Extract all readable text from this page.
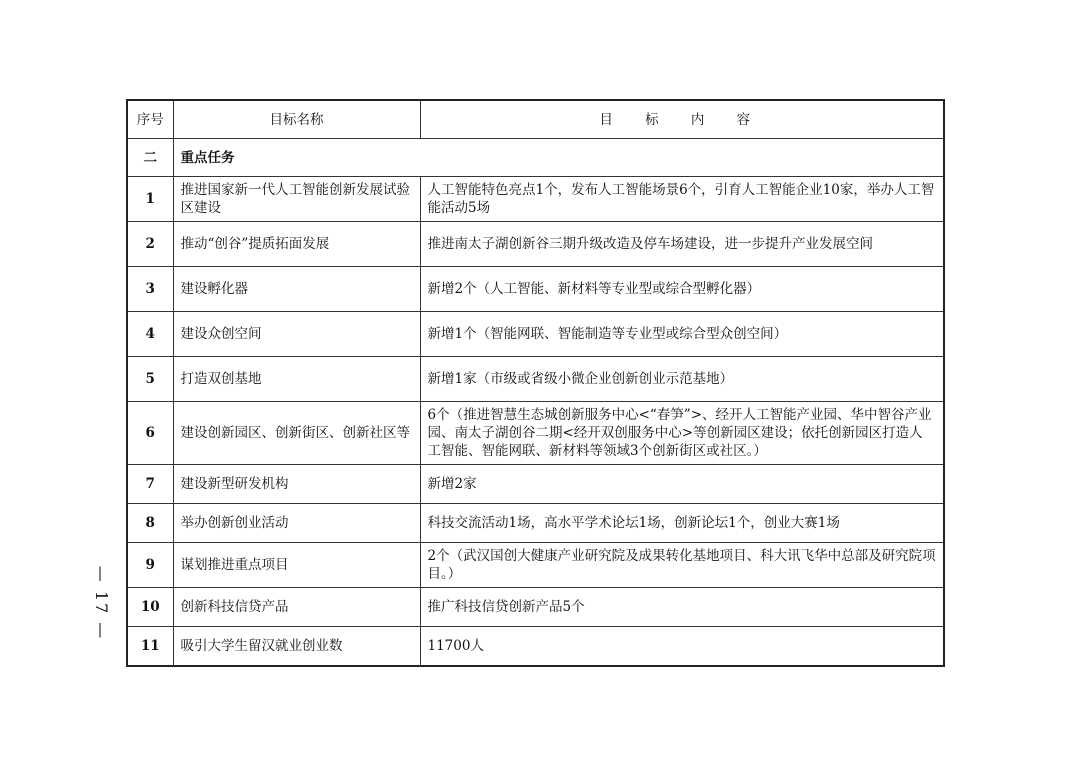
— 17 —
序号	目标名称	目 标 内 容
二	重点任务	
1	推进国家新一代人工智能创新发展试验区建设	人工智能特色亮点1个，发布人工智能场景6个，引育人工智能企业10家，举办人工智能活动5场
2	推动“创谷”提质拓面发展	推进南太子湖创新谷三期升级改造及停车场建设，进一步提升产业发展空间
3	建设孵化器	新增2个（人工智能、新材料等专业型或综合型孵化器）
4	建设众创空间	新增1个（智能网联、智能制造等专业型或综合型众创空间）
5	打造双创基地	新增1家（市级或省级小微企业创新创业示范基地）
6	建设创新园区、创新街区、创新社区等	6个（推进智慧生态城创新服务中心<“春笋”>、经开人工智能产业园、华中智谷产业园、南太子湖创谷二期<经开双创服务中心>等创新园区建设；依托创新园区打造人工智能、智能网联、新材料等领域3个创新街区或社区。）
7	建设新型研发机构	新增2家
8	举办创新创业活动	科技交流活动1场，高水平学术论坛1场，创新论坛1个，创业大赛1场
9	谋划推进重点项目	2个（武汉国创大健康产业研究院及成果转化基地项目、科大讯飞华中总部及研究院项目。）
10	创新科技信贷产品	推广科技信贷创新产品5个
11	吸引大学生留汉就业创业数	11700人
